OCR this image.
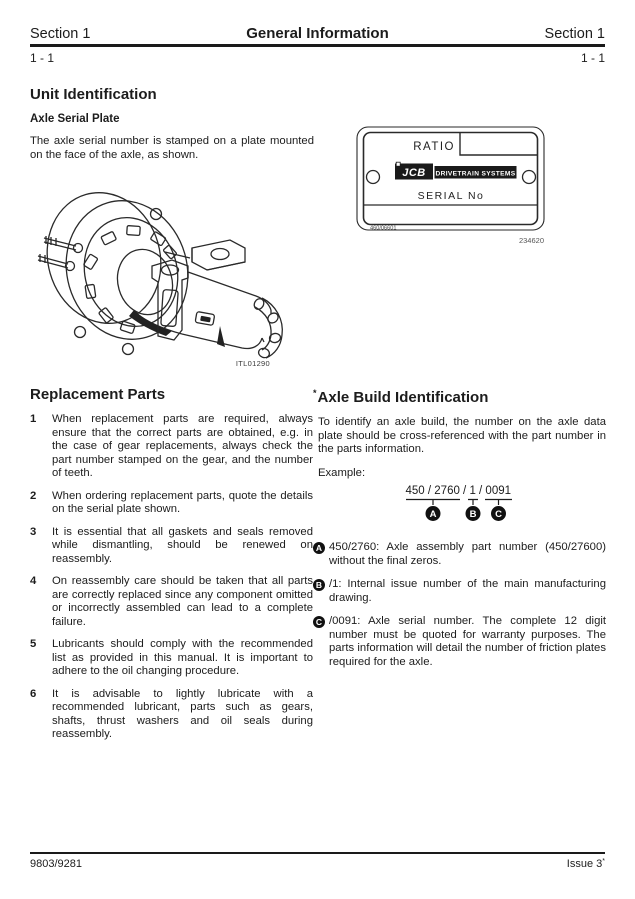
Section 1	General Information	Section 1
1 - 1	1 - 1
Unit Identification
Axle Serial Plate

The axle serial number is stamped on a plate mounted on the face of the axle, as shown.

ITL01290
RATIO
JCB DRIVETRAIN SYSTEMS
SERIAL No
460/06601
234620
Replacement Parts
1	When replacement parts are required, always ensure that the correct parts are obtained, e.g. in the case of gear replacements, always check the part number stamped on the gear, and the number of teeth.
2	When ordering replacement parts, quote the details on the serial plate shown.
3	It is essential that all gaskets and seals removed while dismantling, should be renewed on reassembly.
4	On reassembly care should be taken that all parts are correctly replaced since any component omitted or incorrectly assembled can lead to a complete failure.
5	Lubricants should comply with the recommended list as provided in this manual. It is important to adhere to the oil changing procedure.
6	It is advisable to lightly lubricate with a recommended lubricant, parts such as gears, shafts, thrust washers and oil seals during reassembly.
*Axle Build Identification

To identify an axle build, the number on the axle data plate should be cross-referenced with the part number in the parts information.

Example:

450 / 2760 / 1 / 0091
A	B C
A 450/2760: Axle assembly part number (450/27600) without the final zeros.
B /1: Internal issue number of the main manufacturing drawing.
C /0091: Axle serial number. The complete 12 digit number must be quoted for warranty purposes. The parts information will detail the number of friction plates required for the axle.
9803/9281	Issue 3*
